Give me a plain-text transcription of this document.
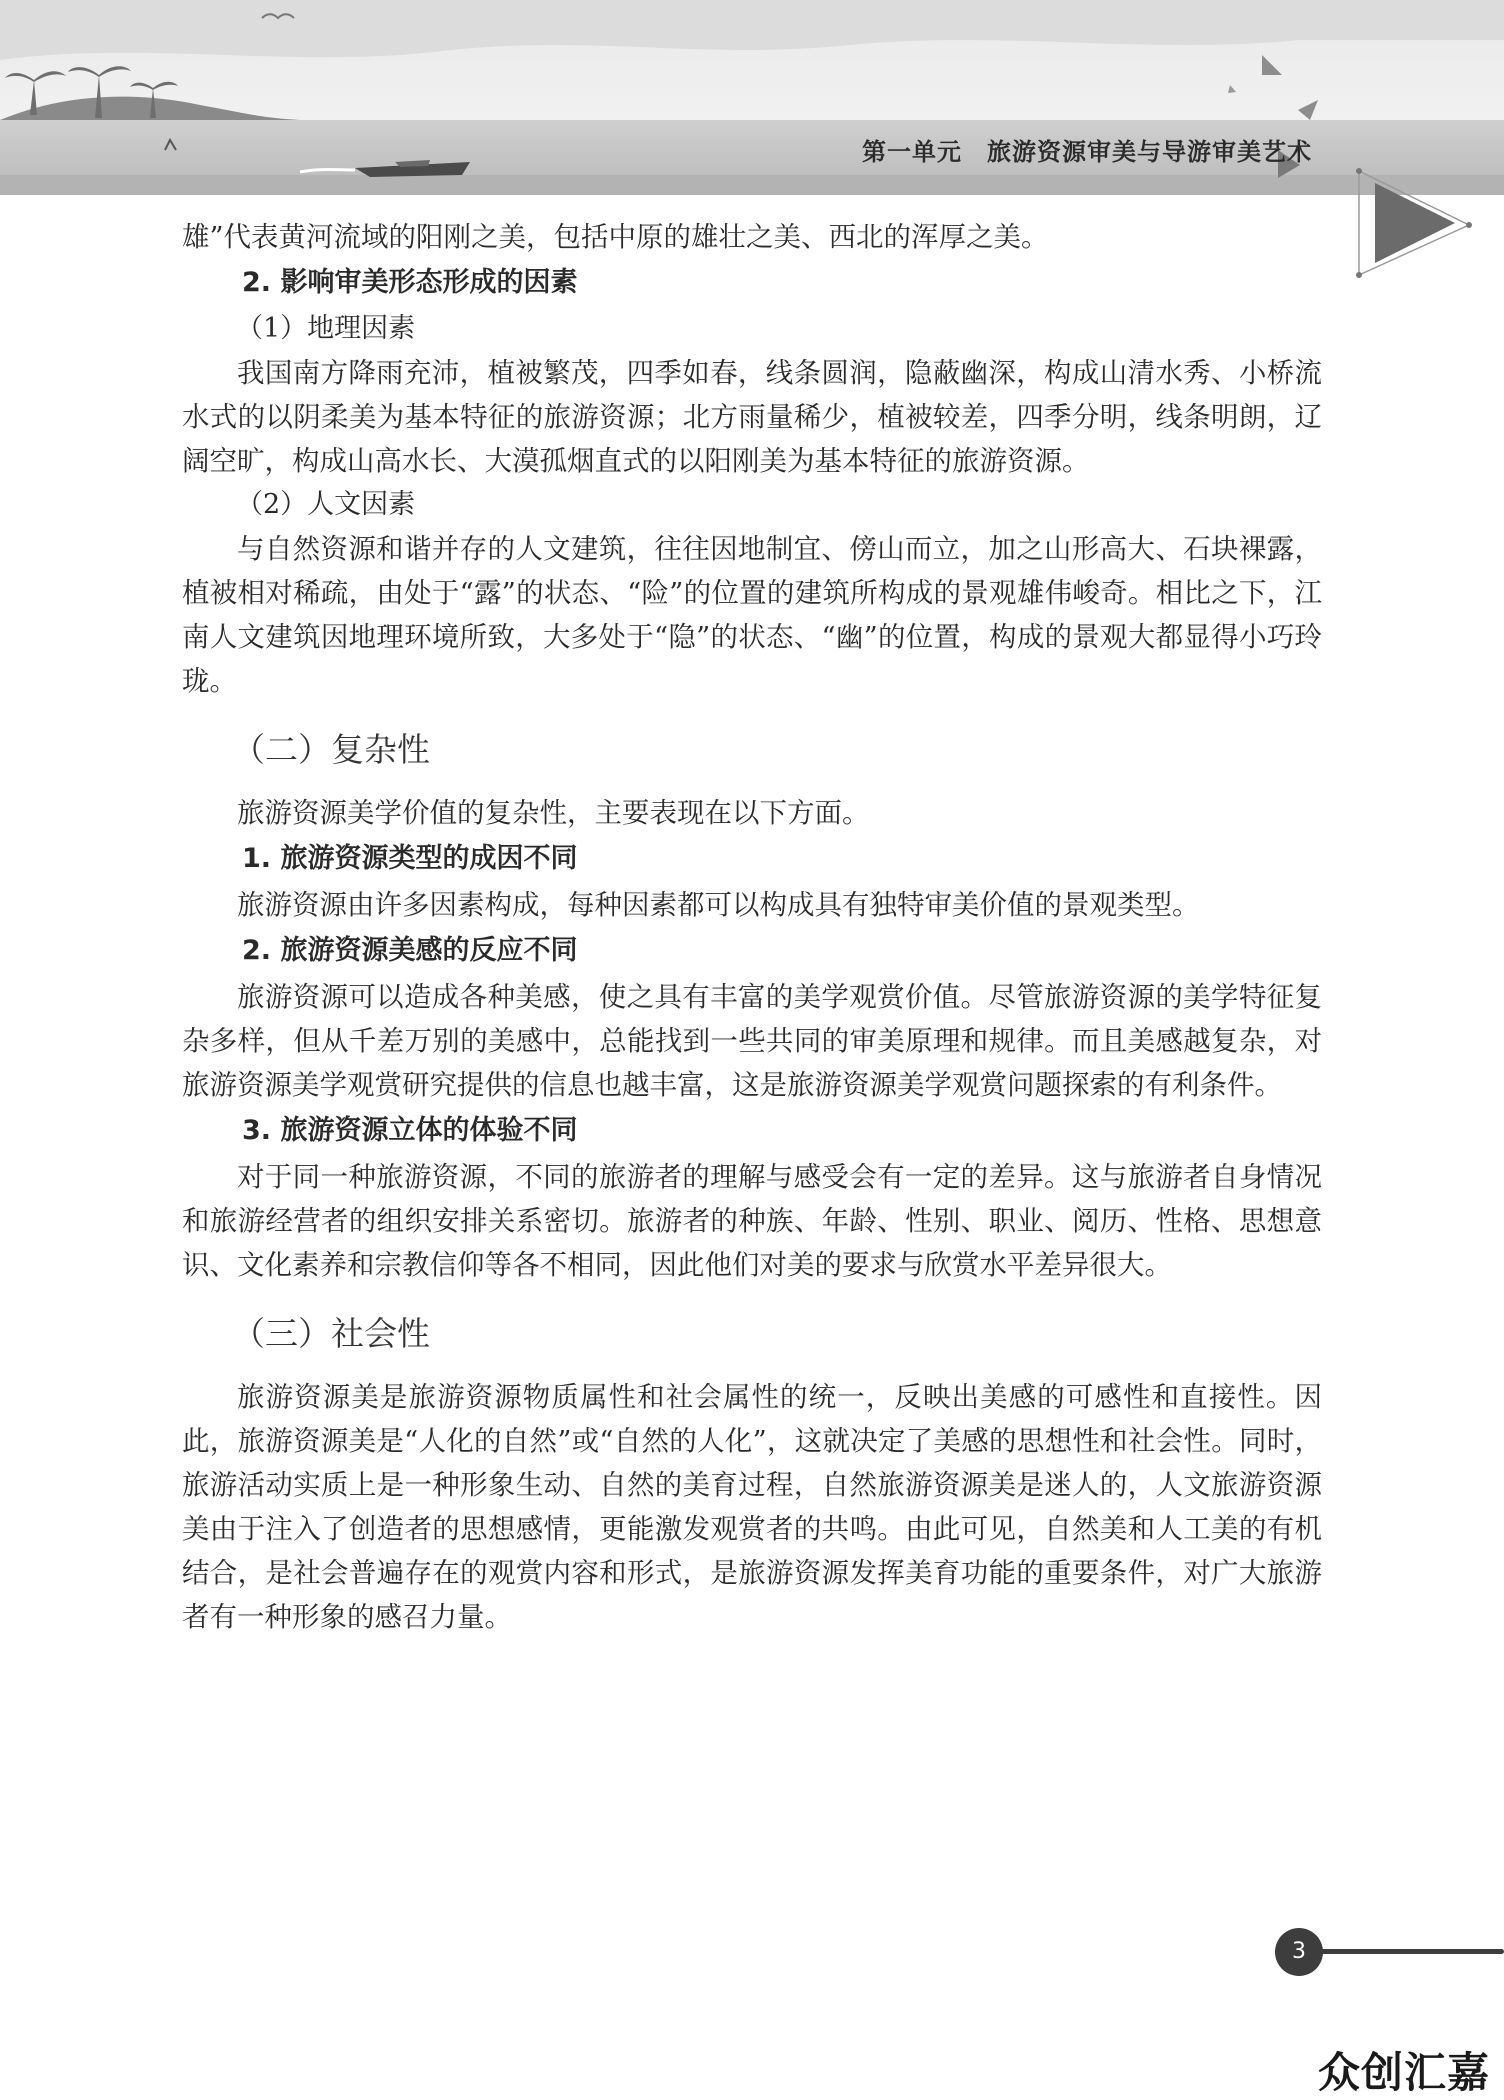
第一单元　旅游资源审美与导游审美艺术

雄”代表黄河流域的阳刚之美，包括中原的雄壮之美、西北的浑厚之美。

2. 影响审美形态形成的因素
（1）地理因素

我国南方降雨充沛，植被繁茂，四季如春，线条圆润，隐蔽幽深，构成山清水秀、小桥流水式的以阴柔美为基本特征的旅游资源；北方雨量稀少，植被较差，四季分明，线条明朗，辽阔空旷，构成山高水长、大漠孤烟直式的以阳刚美为基本特征的旅游资源。

（2）人文因素

与自然资源和谐并存的人文建筑，往往因地制宜、傍山而立，加之山形高大、石块裸露，植被相对稀疏，由处于“露”的状态、“险”的位置的建筑所构成的景观雄伟峻奇。相比之下，江南人文建筑因地理环境所致，大多处于“隐”的状态、“幽”的位置，构成的景观大都显得小巧玲珑。

（二）复杂性

旅游资源美学价值的复杂性，主要表现在以下方面。

1. 旅游资源类型的成因不同

旅游资源由许多因素构成，每种因素都可以构成具有独特审美价值的景观类型。

2. 旅游资源美感的反应不同

旅游资源可以造成各种美感，使之具有丰富的美学观赏价值。尽管旅游资源的美学特征复杂多样，但从千差万别的美感中，总能找到一些共同的审美原理和规律。而且美感越复杂，对旅游资源美学观赏研究提供的信息也越丰富，这是旅游资源美学观赏问题探索的有利条件。

3. 旅游资源立体的体验不同

对于同一种旅游资源，不同的旅游者的理解与感受会有一定的差异。这与旅游者自身情况和旅游经营者的组织安排关系密切。旅游者的种族、年龄、性别、职业、阅历、性格、思想意识、文化素养和宗教信仰等各不相同，因此他们对美的要求与欣赏水平差异很大。

（三）社会性

旅游资源美是旅游资源物质属性和社会属性的统一，反映出美感的可感性和直接性。因此，旅游资源美是“人化的自然”或“自然的人化”，这就决定了美感的思想性和社会性。同时，旅游活动实质上是一种形象生动、自然的美育过程，自然旅游资源美是迷人的，人文旅游资源美由于注入了创造者的思想感情，更能激发观赏者的共鸣。由此可见，自然美和人工美的有机结合，是社会普遍存在的观赏内容和形式，是旅游资源发挥美育功能的重要条件，对广大旅游者有一种形象的感召力量。

3
众创汇嘉
